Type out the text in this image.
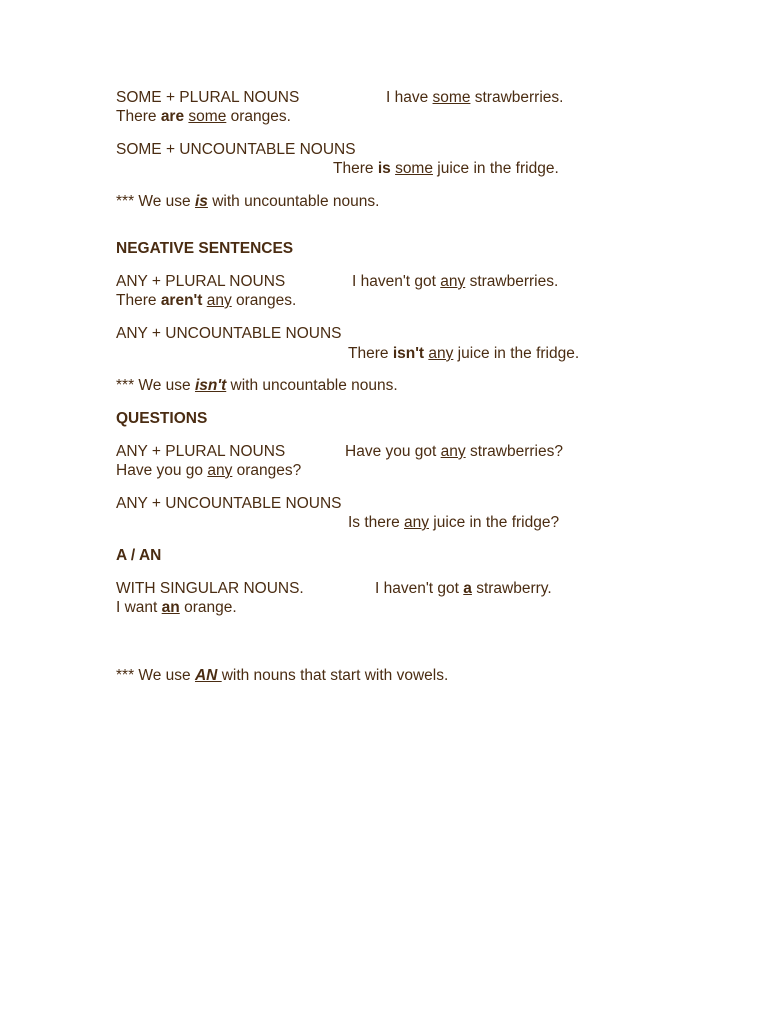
SOME + PLURAL NOUNS	I have some strawberries.
There are some oranges.
SOME + UNCOUNTABLE NOUNS
There is some juice in the fridge.
*** We use is with uncountable nouns.
NEGATIVE SENTENCES
ANY + PLURAL NOUNS	I haven't got any strawberries.
There aren't any oranges.
ANY + UNCOUNTABLE NOUNS
There isn't any juice in the fridge.
*** We use isn't with uncountable nouns.
QUESTIONS
ANY + PLURAL NOUNS	Have you got any strawberries?
Have you go any oranges?
ANY + UNCOUNTABLE NOUNS
Is there any juice in the fridge?
A / AN
WITH SINGULAR NOUNS.	I haven't got a strawberry.
I want an orange.
*** We use AN with nouns that start with vowels.
